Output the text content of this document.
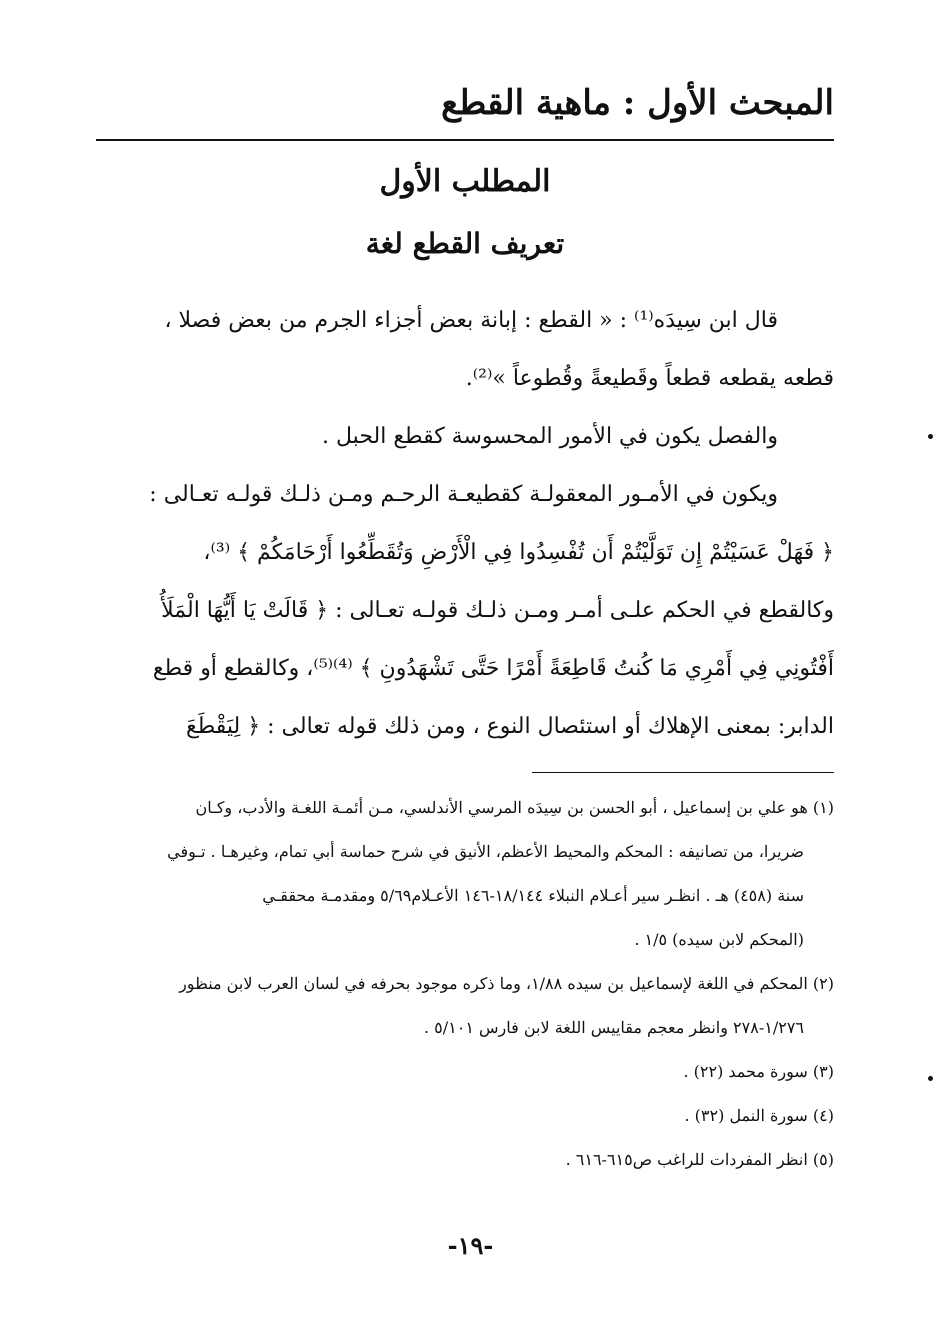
المبحث الأول : ماهية القطع
المطلب الأول
تعريف القطع لغة
قال ابن سِيدَه⁽¹⁾ : « القطع : إبانة بعض أجزاء الجرم من بعض فصلا ،
قطعه يقطعه قطعاً وقَطيعةً وقُطوعاً »⁽²⁾.
والفصل يكون في الأمور المحسوسة كقطع الحبل .
ويكون في الأمـور المعقولـة كقطيعـة الرحـم ومـن ذلـك قولـه تعـالى :
﴿ فَهَلْ عَسَيْتُمْ إِن تَوَلَّيْتُمْ أَن تُفْسِدُوا فِي الْأَرْضِ وَتُقَطِّعُوا أَرْحَامَكُمْ ﴾ ⁽³⁾،
وكالقطع في الحكم علـى أمـر ومـن ذلـك قولـه تعـالى : ﴿ قَالَتْ يَا أَيُّهَا الْمَلَأُ
أَفْتُونِي فِي أَمْرِي مَا كُنتُ قَاطِعَةً أَمْرًا حَتَّى تَشْهَدُونِ ﴾ ⁽⁴⁾⁽⁵⁾، وكالقطع أو قطع
الدابر: بمعنى الإهلاك أو استئصال النوع ، ومن ذلك قوله تعالى : ﴿ لِيَقْطَعَ
(١) هو علي بن إسماعيل ، أبو الحسن بن سِيدَه المرسي الأندلسي، مـن أئمـة اللغـة والأدب، وكـان
ضريرا، من تصانيفه : المحكم والمحيط الأعظم، الأنيق في شرح حماسة أبي تمام، وغيرهـا . تـوفي
سنة (٤٥٨) هـ . انظـر سير أعـلام النبلاء ١٨/١٤٤-١٤٦ الأعـلام٥/٦٩ ومقدمـة محققـي
(المحكم لابن سيده) ١/٥ .
(٢) المحكم في اللغة لإسماعيل بن سيده ١/٨٨، وما ذكره موجود بحرفه في لسان العرب لابن منظور
١/٢٧٦-٢٧٨ وانظر معجم مقاييس اللغة لابن فارس ٥/١٠١ .
(٣) سورة محمد (٢٢) .
(٤) سورة النمل (٣٢) .
(٥) انظر المفردات للراغب ص٦١٥-٦١٦ .
-١٩-
